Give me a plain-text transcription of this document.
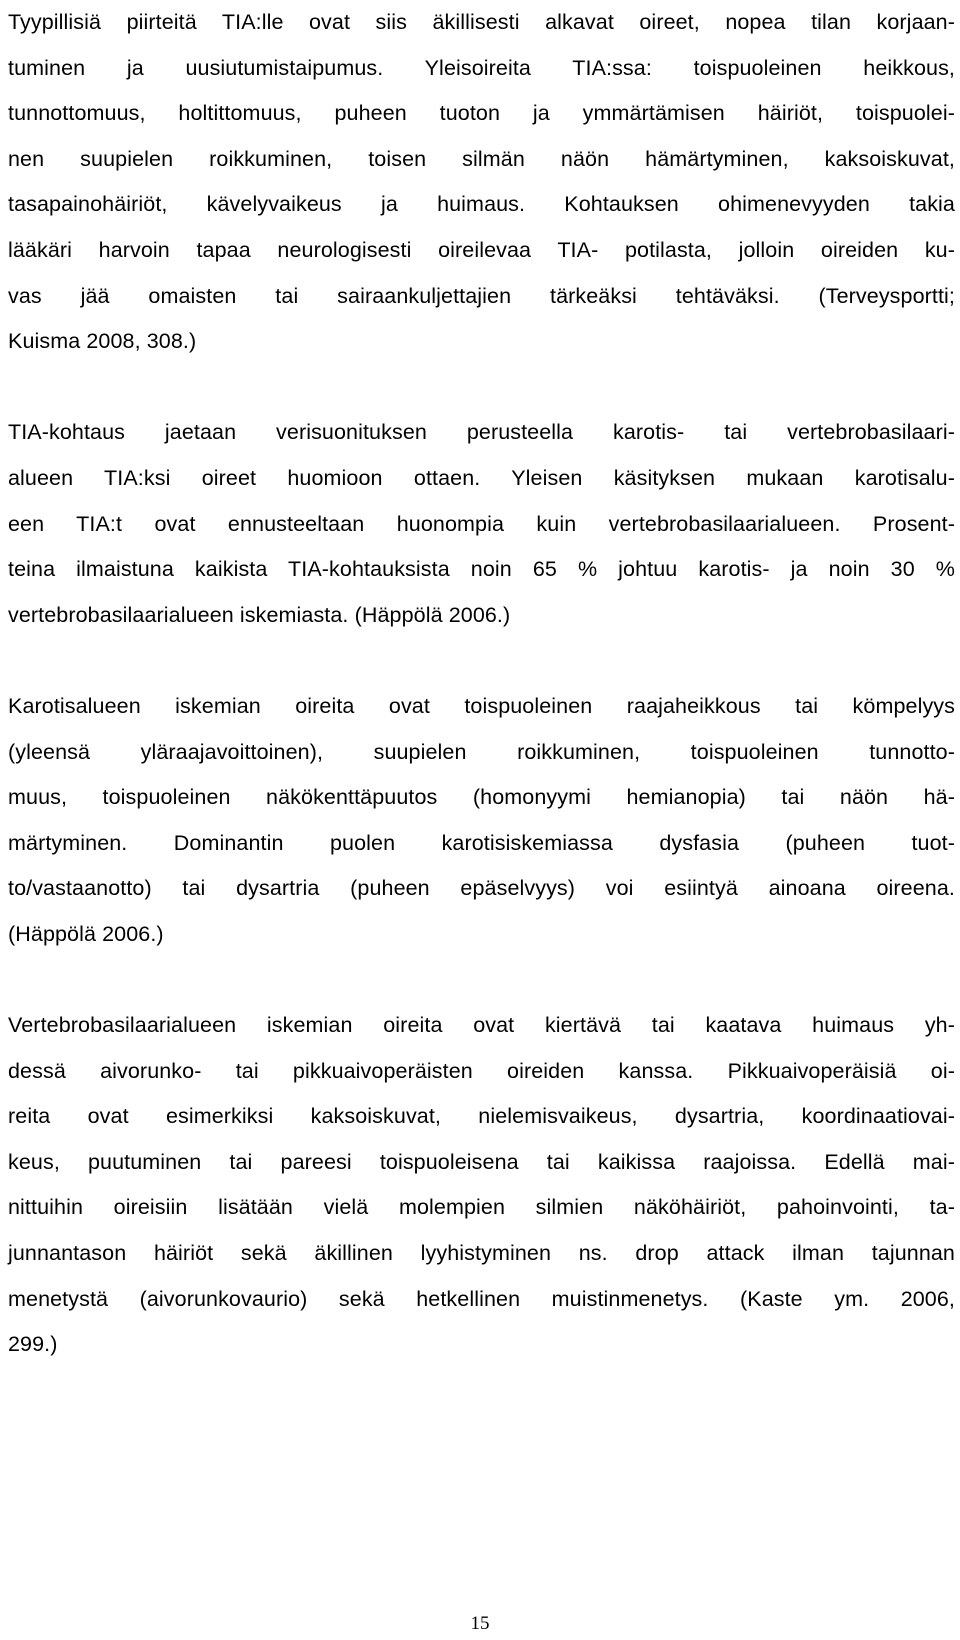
Tyypillisiä piirteitä TIA:lle ovat siis äkillisesti alkavat oireet, nopea tilan korjaan-
tuminen ja uusiutumistaipumus. Yleisoireita TIA:ssa: toispuoleinen heikkous,
tunnottomuus, holtittomuus, puheen tuoton ja ymmärtämisen häiriöt, toispuolei-
nen suupielen roikkuminen, toisen silmän näön hämärtyminen, kaksoiskuvat,
tasapainohäiriöt, kävelyvaikeus ja huimaus. Kohtauksen ohimenevyyden takia
lääkäri harvoin tapaa neurologisesti oireilevaa TIA- potilasta, jolloin oireiden ku-
vas jää omaisten tai sairaankuljettajien tärkeäksi tehtäväksi. (Terveysportti;
Kuisma 2008, 308.)
TIA-kohtaus jaetaan verisuonituksen perusteella karotis- tai vertebrobasilaari-
alueen TIA:ksi oireet huomioon ottaen. Yleisen käsityksen mukaan karotisalu-
een TIA:t ovat ennusteeltaan huonompia kuin vertebrobasilaarialueen. Prosent-
teina ilmaistuna kaikista TIA-kohtauksista noin 65 % johtuu karotis- ja noin 30 %
vertebrobasilaarialueen iskemiasta. (Häppölä 2006.)
Karotisalueen iskemian oireita ovat toispuoleinen raajaheikkous tai kömpelyys
(yleensä yläraajavoittoinen), suupielen roikkuminen, toispuoleinen tunnotto-
muus, toispuoleinen näkökenttäpuutos (homonyymi hemianopia) tai näön hä-
märtyminen. Dominantin puolen karotisiskemiassa dysfasia (puheen tuot-
to/vastaanotto) tai dysartria (puheen epäselvyys) voi esiintyä ainoana oireena.
(Häppölä 2006.)
Vertebrobasilaarialueen iskemian oireita ovat kiertävä tai kaatava huimaus yh-
dessä aivorunko- tai pikkuaivoperäisten oireiden kanssa. Pikkuaivoperäisiä oi-
reita ovat esimerkiksi kaksoiskuvat, nielemisvaikeus, dysartria, koordinaatiovai-
keus, puutuminen tai pareesi toispuoleisena tai kaikissa raajoissa. Edellä mai-
nittuihin oireisiin lisätään vielä molempien silmien näköhäiriöt, pahoinvointi, ta-
junnantason häiriöt sekä äkillinen lyyhistyminen ns. drop attack ilman tajunnan
menetystä (aivorunkovaurio) sekä hetkellinen muistinmenetys. (Kaste ym. 2006,
299.)
15
